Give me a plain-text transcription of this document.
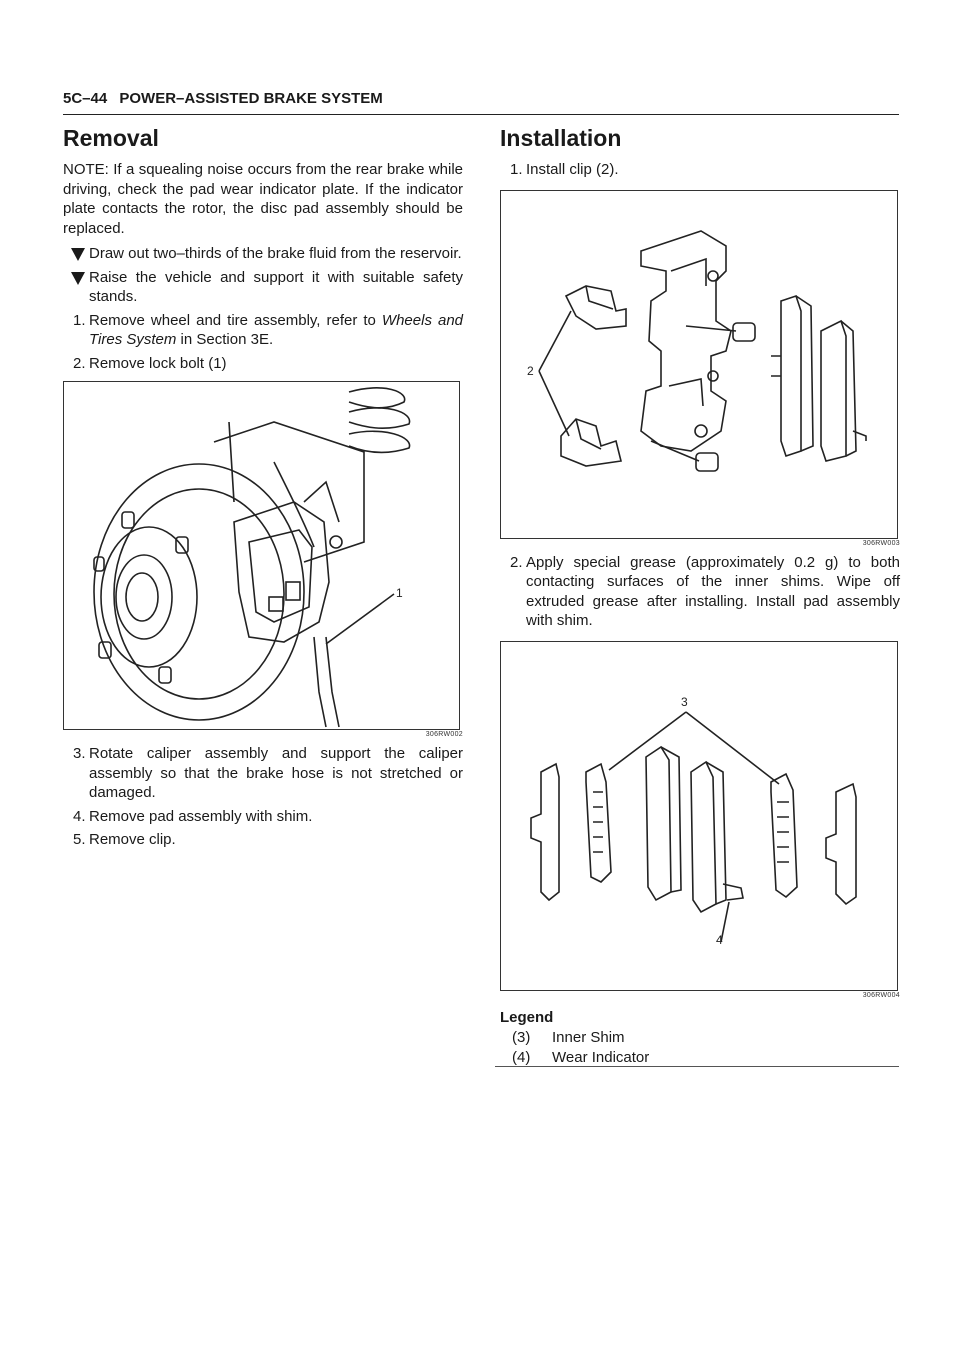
5C–44 POWER–ASSISTED BRAKE SYSTEM
Removal

NOTE: If a squealing noise occurs from the rear brake while driving, check the pad wear indicator plate. If the indicator plate contacts the rotor, the disc pad assembly should be replaced.

Draw out two–thirds of the brake fluid from the reservoir.
Raise the vehicle and support it with suitable safety stands.
1. Remove wheel and tire assembly, refer to Wheels and Tires System in Section 3E.
2. Remove lock bolt (1)
1
306RW002
3. Rotate caliper assembly and support the caliper assembly so that the brake hose is not stretched or damaged.
4. Remove pad assembly with shim.
5. Remove clip.
Installation
1. Install clip (2).
2
306RW003
2. Apply special grease (approximately 0.2 g) to both contacting surfaces of the inner shims. Wipe off extruded grease after installing. Install pad assembly with shim.
3
4
306RW004
Legend
(3) Inner Shim
(4) Wear Indicator
